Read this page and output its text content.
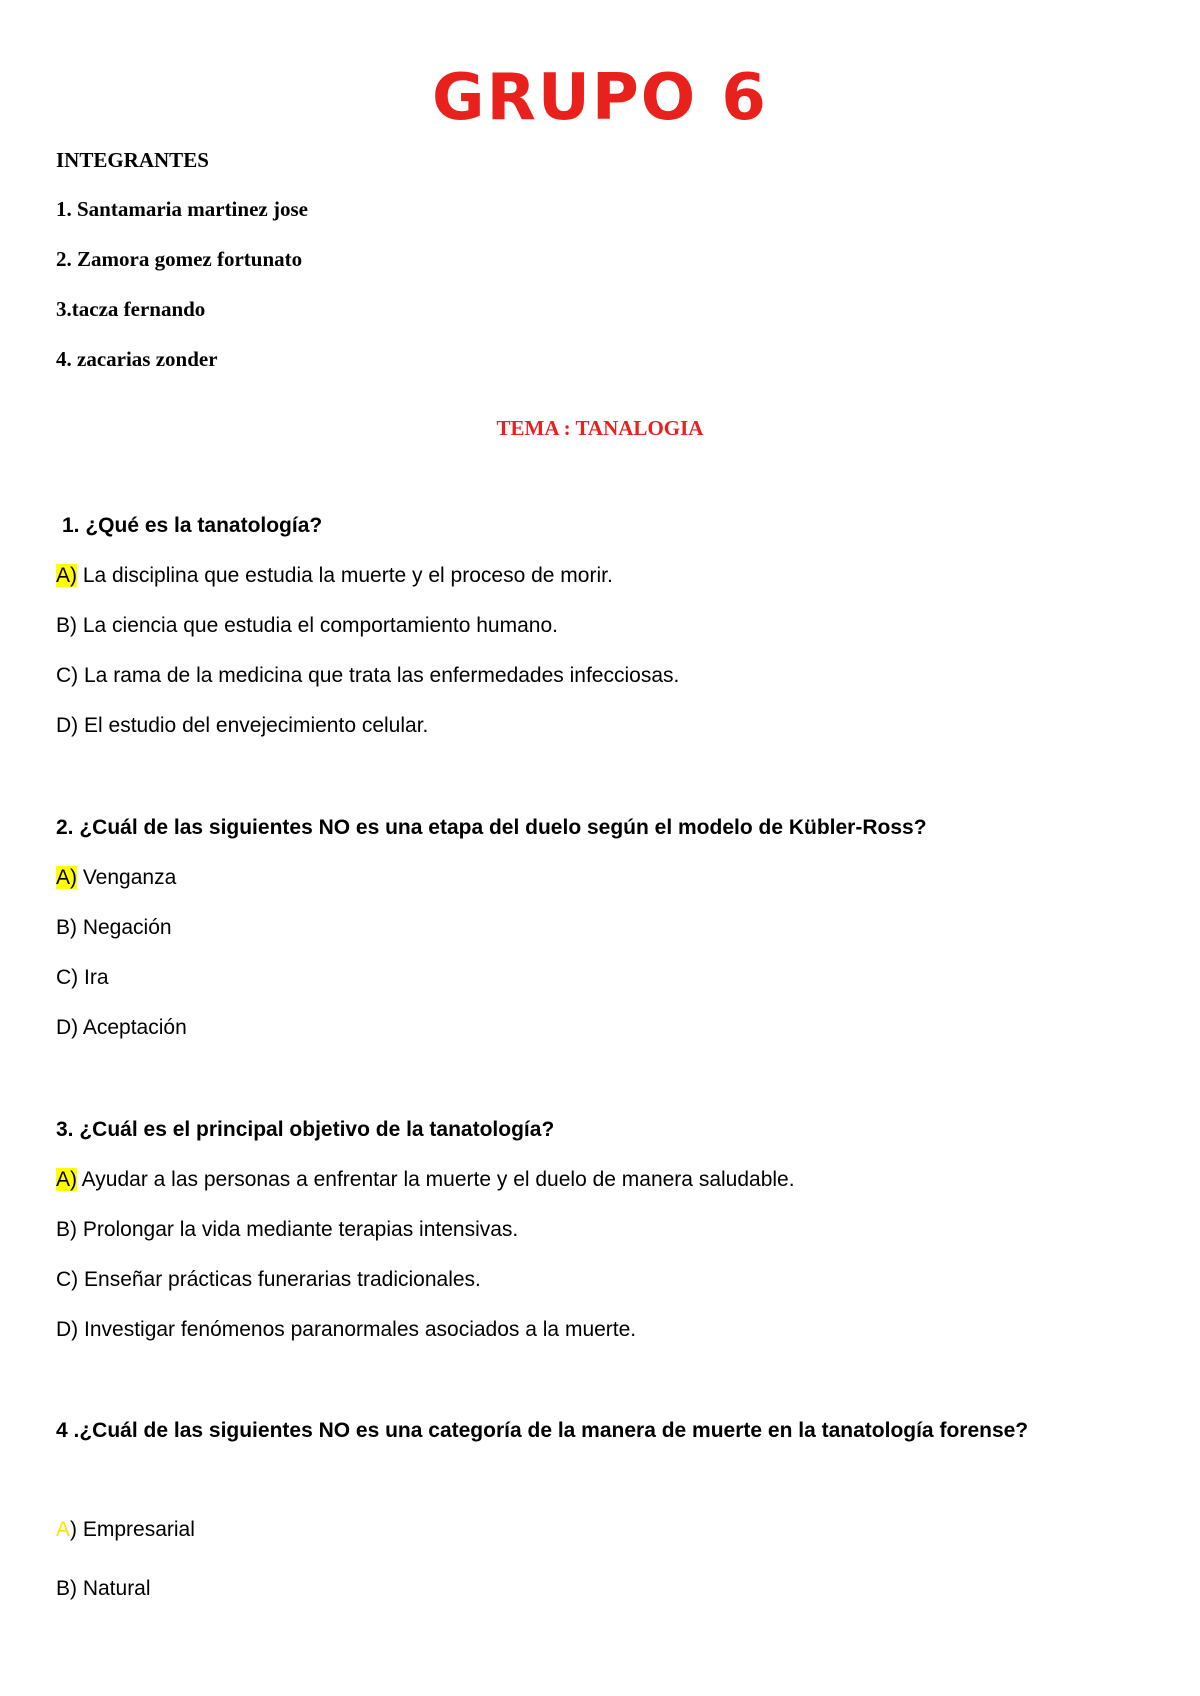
GRUPO 6

INTEGRANTES

1. Santamaria martinez jose

2. Zamora gomez fortunato

3.tacza fernando

4. zacarias zonder

TEMA : TANALOGIA

1. ¿Qué es la tanatología?

A) La disciplina que estudia la muerte y el proceso de morir.

B) La ciencia que estudia el comportamiento humano.

C) La rama de la medicina que trata las enfermedades infecciosas.

D) El estudio del envejecimiento celular.

2. ¿Cuál de las siguientes NO es una etapa del duelo según el modelo de Kübler-Ross?

A) Venganza

B) Negación

C) Ira

D) Aceptación

3. ¿Cuál es el principal objetivo de la tanatología?

A) Ayudar a las personas a enfrentar la muerte y el duelo de manera saludable.

B) Prolongar la vida mediante terapias intensivas.

C) Enseñar prácticas funerarias tradicionales.

D) Investigar fenómenos paranormales asociados a la muerte.

4 .¿Cuál de las siguientes NO es una categoría de la manera de muerte en la tanatología forense?

A) Empresarial

B) Natural
